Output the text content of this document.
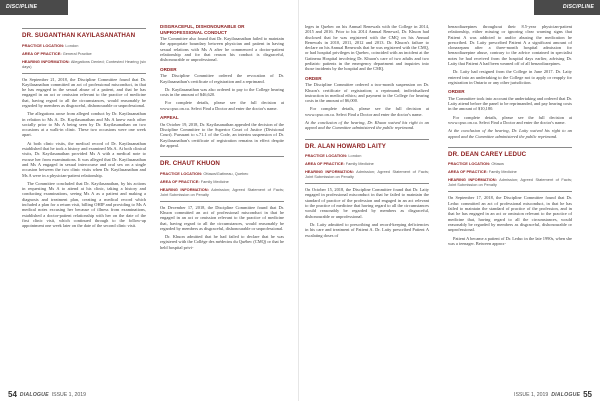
DISCIPLINE SUMMARIES
DISCIPLINE SUMMARIES
DR. SUGANTHAN KAYILASANATHAN

PRACTICE LOCATION: London

AREA OF PRACTICE: General Practice

HEARING INFORMATION: Allegations Denied; Contested Hearing (six days)

On September 21, 2018, the Discipline Committee found that Dr. Kayilasanathan committed an act of professional misconduct, in that he has engaged in the sexual abuse of a patient, and that he has engaged in an act or omission relevant to the practice of medicine that, having regard to all the circumstances, would reasonably be regarded by members as disgraceful, dishonourable or unprofessional.

The allegations arose from alleged conduct by Dr. Kayilasanathan in relation to Ms A. Dr. Kayilasanathan and Ms A knew each other socially prior to Ms A being seen by Dr. Kayilasanathan on two occasions at a walk-in clinic. These two occasions were one week apart.

At both clinic visits, the medical record of Dr. Kayilasanathan established that he took a history and examined Ms A. At both clinical visits, Dr. Kayilasanathan provided Ms A with a medical note to excuse her from examinations. It was alleged that Dr. Kayilasanathan and Ms A engaged in sexual intercourse and oral sex on a single occasion between the two clinic visits when Dr. Kayilasanathan and Ms A were in a physician-patient relationship.

The Committee concluded that Dr. Kayilasanathan, by his actions in requesting Ms A to attend at his clinic, taking a history and conducting examinations, seeing Ms A as a patient and making a diagnosis and treatment plan, creating a medical record which included a plan for a return visit, billing OHIP and providing to Ms A medical notes excusing her because of illness from examinations, established a doctor-patient relationship with her on the date of the first clinic visit, which continued through to the follow-up appointment one week later on the date of the second clinic visit.

DISGRACEFUL, DISHONOURABLE OR UNPROFESSIONAL CONDUCT

The Committee also found that Dr. Kayilasanathan failed to maintain the appropriate boundary between physician and patient in having sexual relations with Ms A after he commenced a doctor-patient relationship and for that reason his conduct is disgraceful, dishonourable or unprofessional.

ORDER

The Discipline Committee ordered the revocation of Dr. Kayilasanathan's certificate of registration and a reprimand.

Dr. Kayilasanathan was also ordered to pay to the College hearing costs in the amount of $46,620.

For complete details, please see the full decision at www.cpso.on.ca. Select Find a Doctor and enter the doctor's name.

APPEAL

On October 19, 2018, Dr. Kayilasanathan appealed the decision of the Discipline Committee to the Superior Court of Justice (Divisional Court). Pursuant to s.71.1 of the Code, an interim suspension of Dr. Kayilasanathan's certificate of registration remains in effect despite the appeal.

DR. CHAUT KHUON

PRACTICE LOCATION: Ottawa/Gatineau, Quebec

AREA OF PRACTICE: Family Medicine

HEARING INFORMATION: Admission; Agreed Statement of Facts; Joint Submission on Penalty

On December 17, 2018, the Discipline Committee found that Dr. Khuon committed an act of professional misconduct in that he engaged in an act or omission relevant to the practice of medicine that, having regard to all the circumstances, would reasonably be regarded by members as disgraceful, dishonourable or unprofessional.

Dr. Khuon admitted that he had failed to declare that he was registered with the Collège des médecins du Québec (CMQ) or that he held hospital privi-

leges in Quebec on his Annual Renewals with the College in 2014, 2015 and 2016. Prior to his 2014 Annual Renewal, Dr. Khuon had disclosed that he was registered with the CMQ on his Annual Renewals in 2010, 2011, 2012 and 2013. Dr. Khuon's failure to declare on his Annual Renewals that he was registered with the CMQ, or had hospital privileges in Quebec, coincided with an incident at the Gatineau Hospital involving Dr. Khuon's care of two adults and two pediatric patients in the emergency department and inquiries into those incidents by the hospital and the CMQ.

ORDER

The Discipline Committee ordered a two-month suspension on Dr. Khuon's certificate of registration; a reprimand; individualized instruction in medical ethics; and payment to the College for hearing costs in the amount of $6,000.

For complete details, please see the full decision at www.cpso.on.ca. Select Find a Doctor and enter the doctor's name.

At the conclusion of the hearing, Dr. Khuon waived his right to an appeal and the Committee administered the public reprimand.

DR. ALAN HOWARD LAITY

PRACTICE LOCATION: London

AREA OF PRACTICE: Family Medicine

HEARING INFORMATION: Admission; Agreed Statement of Facts; Joint Submission on Penalty

On October 15, 2018, the Discipline Committee found that Dr. Laity engaged in professional misconduct in that he failed to maintain the standard of practice of the profession and engaged in an act relevant to the practice of medicine that having regard to all the circumstances would reasonably be regarded by members as disgraceful, dishonourable or unprofessional.

Dr. Laity admitted to prescribing and record-keeping deficiencies in his care and treatment of Patient A. Dr. Laity prescribed Patient A escalating doses of

benzodiazepines throughout their 8.5-year physician-patient relationship, either missing or ignoring clear warning signs that Patient A was addicted to and/or abusing the medication he prescribed. Dr. Laity prescribed Patient A a significant amount of clonazepam after a three-month hospital admission for benzodiazepine abuse, contrary to the advice contained in specialist notes he had received from the hospital days earlier, advising Dr. Laity that Patient A had been weaned off of all benzodiazepines.

Dr. Laity had resigned from the College in June 2017. Dr. Laity entered into an undertaking to the College not to apply or reapply for registration in Ontario or any other jurisdiction.

ORDER

The Committee took into account the undertaking and ordered that Dr. Laity attend before the panel to be reprimanded, and pay hearing costs in the amount of $10,180.

For complete details, please see the full decision at www.cpso.on.ca. Select Find a Doctor and enter the doctor's name.

At the conclusion of the hearing, Dr. Laity waived his right to an appeal and the Committee administered the public reprimand.

DR. DEAN CAREY LEDUC

PRACTICE LOCATION: Ottawa

AREA OF PRACTICE: Family Medicine

HEARING INFORMATION: Admission; Agreed Statement of Facts; Joint Submission on Penalty

On September 17, 2018, the Discipline Committee found that Dr. Leduc committed an act of professional misconduct, in that he has failed to maintain the standard of practice of the profession, and in that he has engaged in an act or omission relevant to the practice of medicine that, having regard to all the circumstances, would reasonably be regarded by members as disgraceful, dishonourable or unprofessional.

Patient A became a patient of Dr. Leduc in the late 1990s, when she was a teenager. Between approx-

54 DIALOGUE ISSUE 1, 2019	ISSUE 1, 2019 DIALOGUE 55
